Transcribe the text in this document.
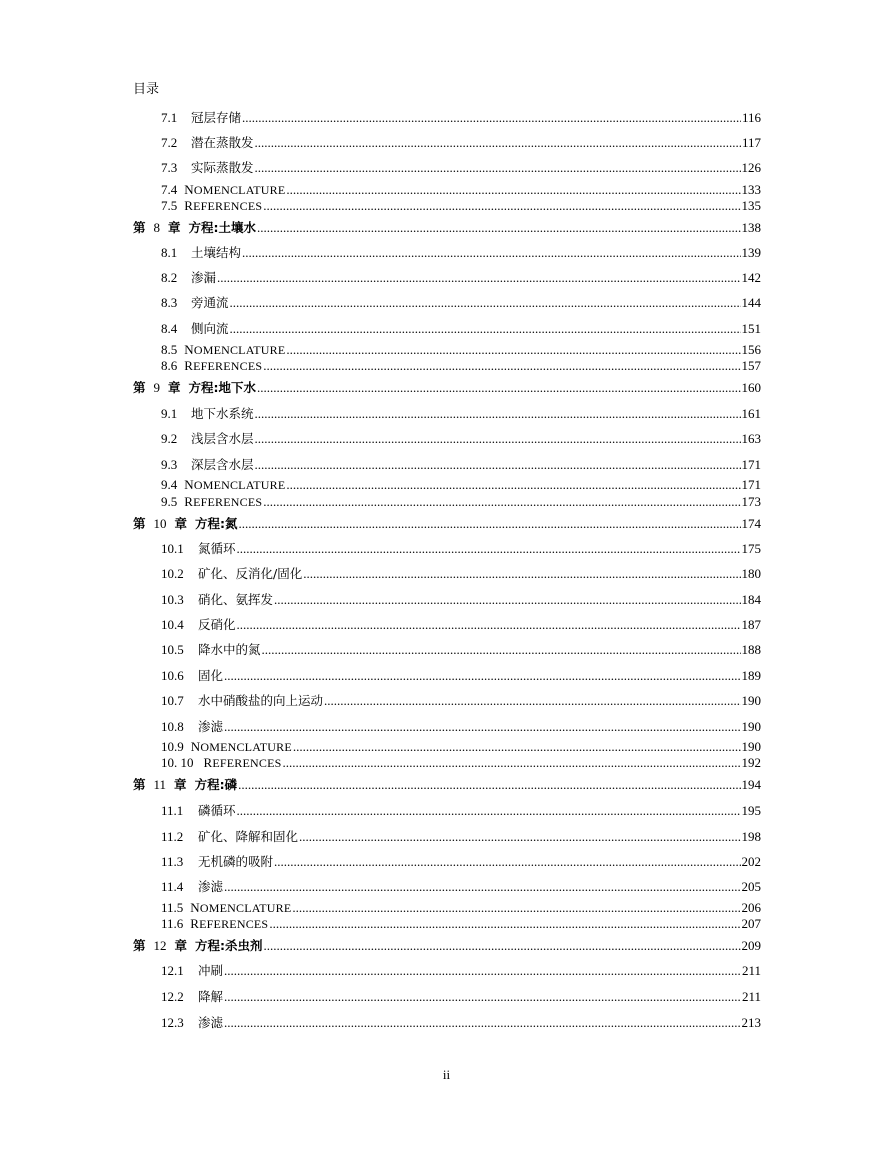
目录
7.1	冠层存储 .....	116
7.2	潜在蒸散发 .....	117
7.3	实际蒸散发 .....	126
7.4 NOMENCLATURE .....	133
7.5 REFERENCES .....	135
第 8 章 方程:土壤水 .....	138
8.1	土壤结构 .....	139
8.2	渗漏 .....	142
8.3	旁通流 .....	144
8.4	侧向流 .....	151
8.5 NOMENCLATURE .....	156
8.6 REFERENCES .....	157
第 9 章 方程:地下水 .....	160
9.1	地下水系统 .....	161
9.2	浅层含水层 .....	163
9.3	深层含水层 .....	171
9.4 NOMENCLATURE .....	171
9.5 REFERENCES .....	173
第 10 章 方程:氮 .....	174
10.1	氮循环 .....	175
10.2	矿化、反消化/固化 .....	180
10.3	硝化、氨挥发 .....	184
10.4	反硝化 .....	187
10.5	降水中的氮 .....	188
10.6	固化 .....	189
10.7	水中硝酸盐的向上运动 .....	190
10.8	渗滤 .....	190
10.9 NOMENCLATURE .....	190
10. 10 REFERENCES .....	192
第 11 章 方程:磷 .....	194
11.1	磷循环 .....	195
11.2	矿化、降解和固化 .....	198
11.3	无机磷的吸附 .....	202
11.4	渗滤 .....	205
11.5 NOMENCLATURE .....	206
11.6 REFERENCES .....	207
第 12 章 方程:杀虫剂 .....	209
12.1	冲刷 .....	211
12.2	降解 .....	211
12.3	渗滤 .....	213
ii
